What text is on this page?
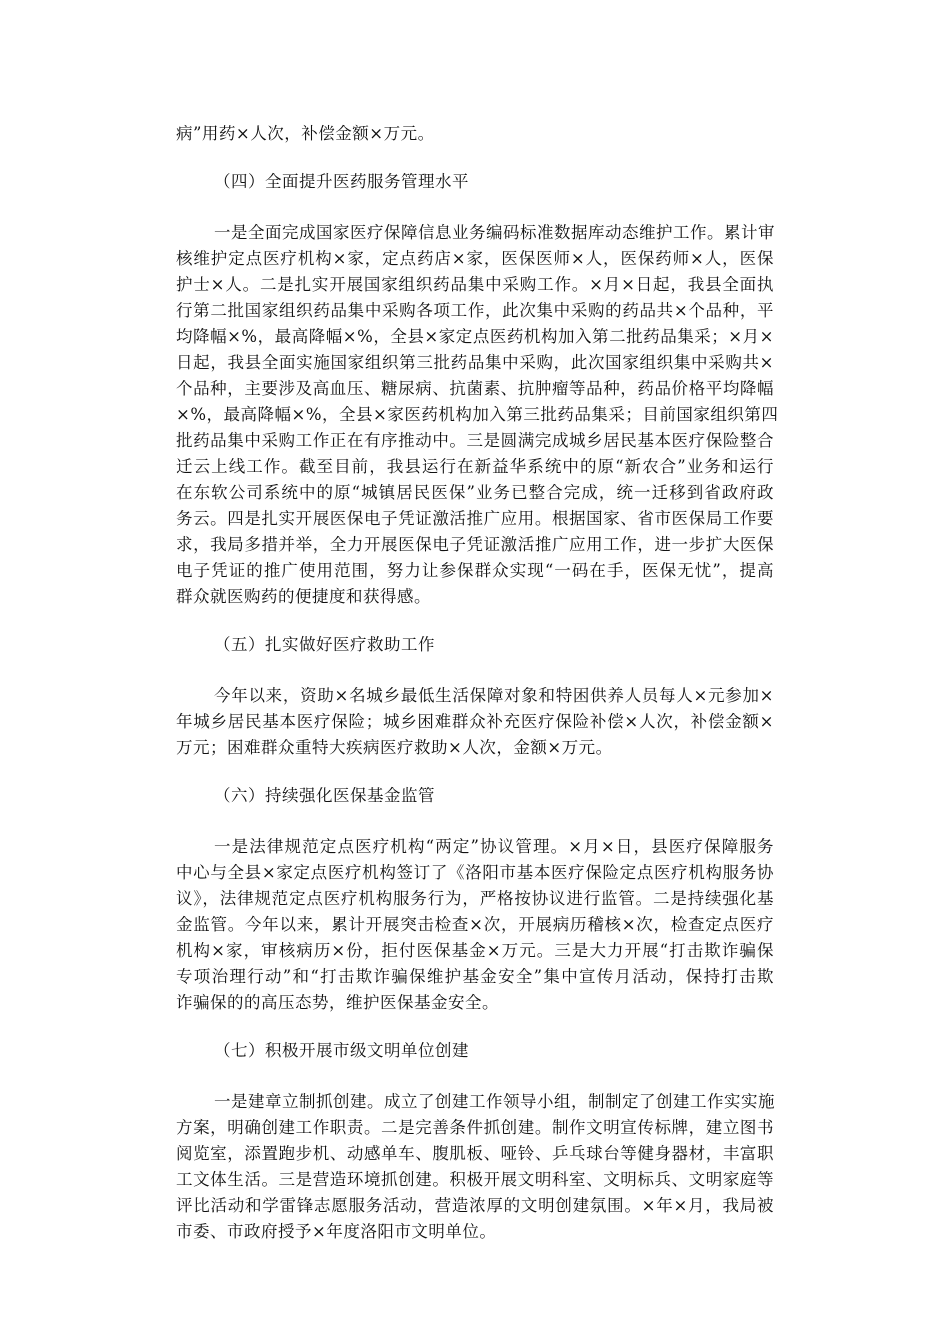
病”用药×人次，补偿金额×万元。
（四）全面提升医药服务管理水平
一是全面完成国家医疗保障信息业务编码标准数据库动态维护工作。累计审
核维护定点医疗机构×家，定点药店×家，医保医师×人，医保药师×人，医保
护士×人。二是扎实开展国家组织药品集中采购工作。×月×日起，我县全面执
行第二批国家组织药品集中采购各项工作，此次集中采购的药品共×个品种，平
均降幅×%，最高降幅×%，全县×家定点医药机构加入第二批药品集采；×月×
日起，我县全面实施国家组织第三批药品集中采购，此次国家组织集中采购共×
个品种，主要涉及高血压、糖尿病、抗菌素、抗肿瘤等品种，药品价格平均降幅
×%，最高降幅×%，全县×家医药机构加入第三批药品集采；目前国家组织第四
批药品集中采购工作正在有序推动中。三是圆满完成城乡居民基本医疗保险整合
迁云上线工作。截至目前，我县运行在新益华系统中的原“新农合”业务和运行
在东软公司系统中的原“城镇居民医保”业务已整合完成，统一迁移到省政府政
务云。四是扎实开展医保电子凭证激活推广应用。根据国家、省市医保局工作要
求，我局多措并举，全力开展医保电子凭证激活推广应用工作，进一步扩大医保
电子凭证的推广使用范围，努力让参保群众实现“一码在手，医保无忧”，提高
群众就医购药的便捷度和获得感。
（五）扎实做好医疗救助工作
今年以来，资助×名城乡最低生活保障对象和特困供养人员每人×元参加×
年城乡居民基本医疗保险；城乡困难群众补充医疗保险补偿×人次，补偿金额×
万元；困难群众重特大疾病医疗救助×人次，金额×万元。
（六）持续强化医保基金监管
一是法律规范定点医疗机构“两定”协议管理。×月×日，县医疗保障服务
中心与全县×家定点医疗机构签订了《洛阳市基本医疗保险定点医疗机构服务协
议》，法律规范定点医疗机构服务行为，严格按协议进行监管。二是持续强化基
金监管。今年以来，累计开展突击检查×次，开展病历稽核×次，检查定点医疗
机构×家，审核病历×份，拒付医保基金×万元。三是大力开展“打击欺诈骗保
专项治理行动”和“打击欺诈骗保维护基金安全”集中宣传月活动，保持打击欺
诈骗保的的高压态势，维护医保基金安全。
（七）积极开展市级文明单位创建
一是建章立制抓创建。成立了创建工作领导小组，制制定了创建工作实实施
方案，明确创建工作职责。二是完善条件抓创建。制作文明宣传标牌，建立图书
阅览室，添置跑步机、动感单车、腹肌板、哑铃、乒乓球台等健身器材，丰富职
工文体生活。三是营造环境抓创建。积极开展文明科室、文明标兵、文明家庭等
评比活动和学雷锋志愿服务活动，营造浓厚的文明创建氛围。×年×月，我局被
市委、市政府授予×年度洛阳市文明单位。
